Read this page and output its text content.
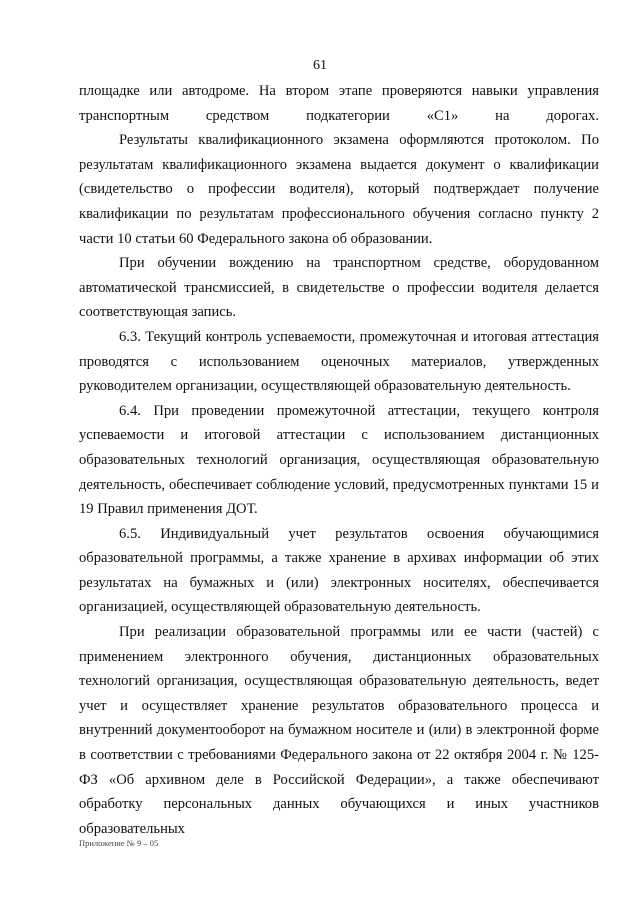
61

площадке или автодроме. На втором этапе проверяются навыки управления транспортным средством подкатегории «С1» на дорогах.

Результаты квалификационного экзамена оформляются протоколом. По результатам квалификационного экзамена выдается документ о квалификации (свидетельство о профессии водителя), который подтверждает получение квалификации по результатам профессионального обучения согласно пункту 2 части 10 статьи 60 Федерального закона об образовании.

При обучении вождению на транспортном средстве, оборудованном автоматической трансмиссией, в свидетельстве о профессии водителя делается соответствующая запись.

6.3. Текущий контроль успеваемости, промежуточная и итоговая аттестация проводятся с использованием оценочных материалов, утвержденных руководителем организации, осуществляющей образовательную деятельность.

6.4. При проведении промежуточной аттестации, текущего контроля успеваемости и итоговой аттестации с использованием дистанционных образовательных технологий организация, осуществляющая образовательную деятельность, обеспечивает соблюдение условий, предусмотренных пунктами 15 и 19 Правил применения ДОТ.

6.5. Индивидуальный учет результатов освоения обучающимися образовательной программы, а также хранение в архивах информации об этих результатах на бумажных и (или) электронных носителях, обеспечивается организацией, осуществляющей образовательную деятельность.

При реализации образовательной программы или ее части (частей) с применением электронного обучения, дистанционных образовательных технологий организация, осуществляющая образовательную деятельность, ведет учет и осуществляет хранение результатов образовательного процесса и внутренний документооборот на бумажном носителе и (или) в электронной форме в соответствии с требованиями Федерального закона от 22 октября 2004 г. № 125-ФЗ «Об архивном деле в Российской Федерации», а также обеспечивают обработку персональных данных обучающихся и иных участников образовательных

Приложение № 9 – 05
